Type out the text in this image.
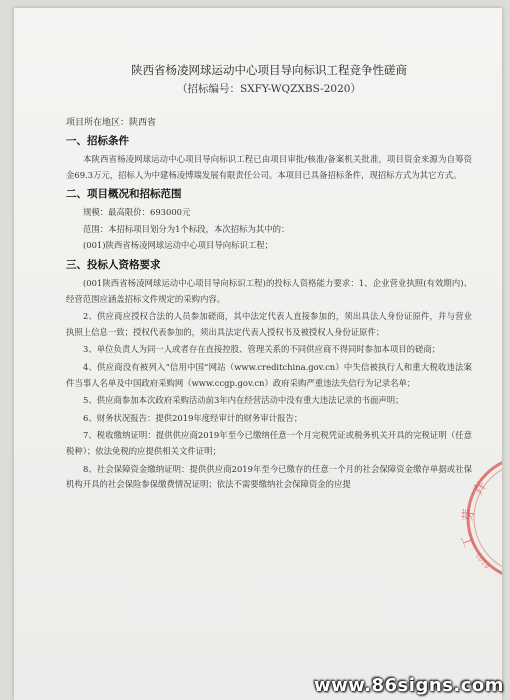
陕西省杨凌网球运动中心项目导向标识工程竞争性磋商
（招标编号：SXFY-WQZXBS-2020）
项目所在地区：陕西省
一、招标条件
本陕西省杨凌网球运动中心项目导向标识工程已由项目审批/核准/备案机关批准，项目资金来源为自筹资金69.3万元，招标人为中建杨凌博瑞发展有限责任公司。本项目已具备招标条件，现招标方式为其它方式。
二、项目概况和招标范围
规模：最高限价：693000元
范围：本招标项目划分为1个标段，本次招标为其中的：
(001)陕西省杨凌网球运动中心项目导向标识工程；
三、投标人资格要求
(001陕西省杨凌网球运动中心项目导向标识工程)的投标人资格能力要求：1、企业营业执照(有效期内)、经营范围应涵盖招标文件规定的采购内容。
2、供应商应授权合法的人员参加磋商，其中法定代表人直接参加的，须出具法人身份证原件，并与营业执照上信息一致；授权代表参加的，须出具法定代表人授权书及被授权人身份证原件；
3、单位负责人为同一人或者存在直接控股、管理关系的不同供应商不得同时参加本项目的磋商；
4、供应商没有被列入“信用中国”网站（www.creditchina.gov.cn）中失信被执行人和重大税收违法案件当事人名单及中国政府采购网（www.ccgp.gov.cn）政府采购严重违法失信行为记录名单；
5、供应商参加本次政府采购活动前3年内在经营活动中没有重大违法记录的书面声明；
6、财务状况报告：提供2019年度经审计的财务审计报告；
7、税收缴纳证明：提供供应商2019年至今已缴纳任意一个月完税凭证或税务机关开具的完税证明（任意税种）；依法免税的应提供相关文件证明；
8、社会保障资金缴纳证明：提供供应商2019年至今已缴存的任意一个月的社会保障资金缴存单据或社保机构开具的社会保险参保缴费情况证明；依法不需要缴纳社会保障资金的应提	卉
芽
工
6101
www.86signs.com
